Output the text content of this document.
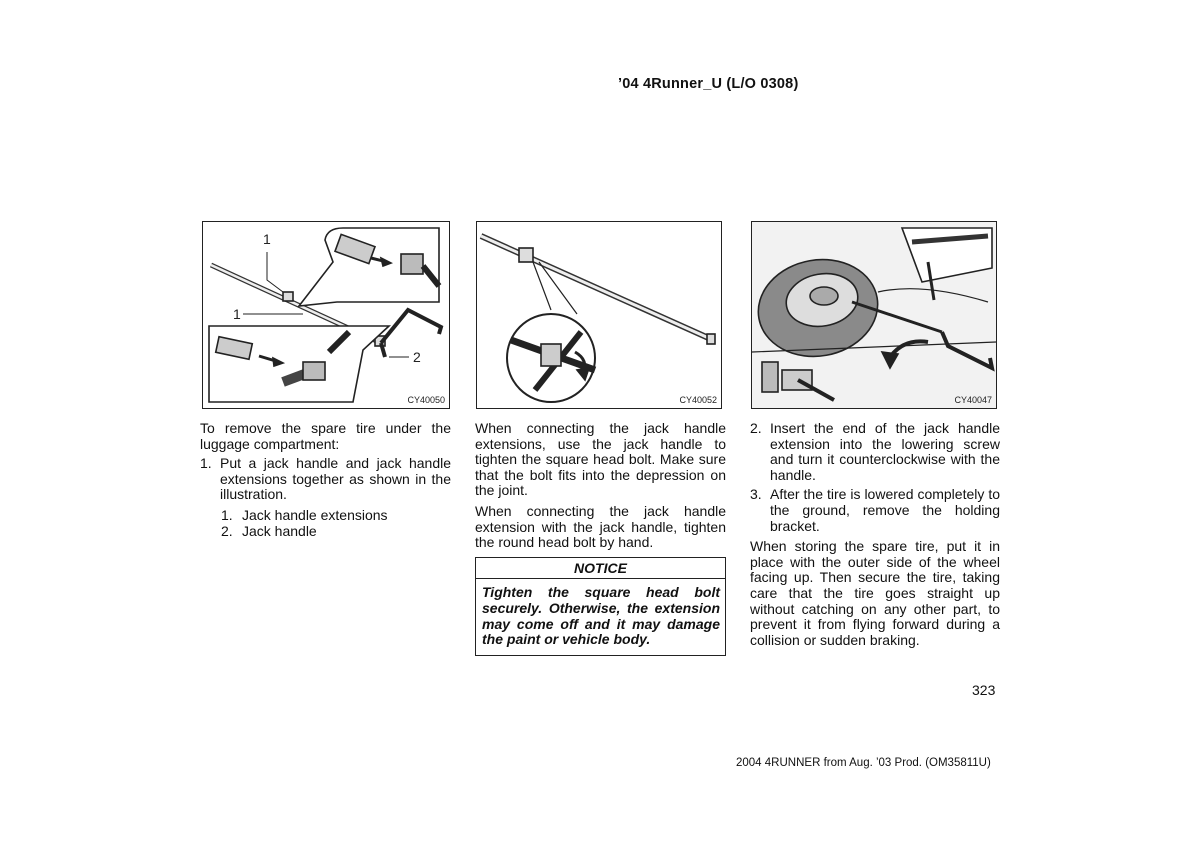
’04 4Runner_U (L/O 0308)
1
1
2
CY40050	CY40052	CY40047

To remove the spare tire under the luggage compartment:

1. Put a jack handle and jack handle extensions together as shown in the illustration.
1. Jack handle extensions
2. Jack handle

When connecting the jack handle extensions, use the jack handle to tighten the square head bolt. Make sure that the bolt fits into the depression on the joint.

When connecting the jack handle extension with the jack handle, tighten the round head bolt by hand.

NOTICE
Tighten the square head bolt securely. Otherwise, the extension may come off and it may damage the paint or vehicle body.
2. Insert the end of the jack handle extension into the lowering screw and turn it counterclockwise with the handle.
3. After the tire is lowered completely to the ground, remove the holding bracket.

When storing the spare tire, put it in place with the outer side of the wheel facing up. Then secure the tire, taking care that the tire goes straight up without catching on any other part, to prevent it from flying forward during a collision or sudden braking.

323
2004 4RUNNER from Aug. ’03 Prod. (OM35811U)
